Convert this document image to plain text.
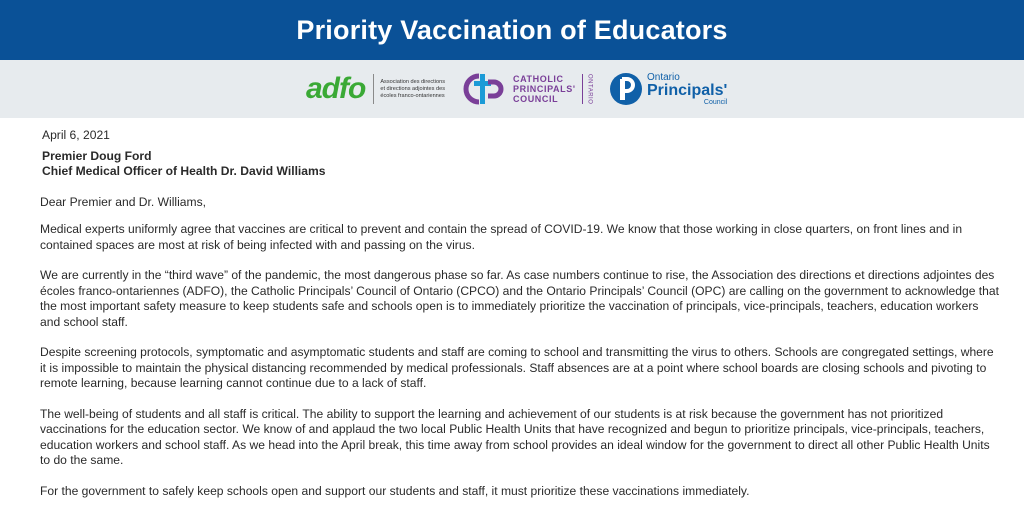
Priority Vaccination of Educators
adfo	Association des directions
et directions adjointes des
écoles franco-ontariennes
CATHOLIC
PRINCIPALS'
COUNCIL	ONTARIO	Ontario
Principals'
Council
April 6, 2021
Premier Doug Ford
Chief Medical Officer of Health Dr. David Williams
Dear Premier and Dr. Williams,

Medical experts uniformly agree that vaccines are critical to prevent and contain the spread of COVID-19. We know that those working in close quarters, on front lines and in contained spaces are most at risk of being infected with and passing on the virus.

We are currently in the “third wave” of the pandemic, the most dangerous phase so far. As case numbers continue to rise, the Association des directions et directions adjointes des écoles franco-ontariennes (ADFO), the Catholic Principals’ Council of Ontario (CPCO) and the Ontario Principals’ Council (OPC) are calling on the government to acknowledge that the most important safety measure to keep students safe and schools open is to immediately prioritize the vaccination of principals, vice-principals, teachers, education workers and school staff.

Despite screening protocols, symptomatic and asymptomatic students and staff are coming to school and transmitting the virus to others. Schools are congregated settings, where it is impossible to maintain the physical distancing recommended by medical professionals. Staff absences are at a point where school boards are closing schools and pivoting to remote learning, because learning cannot continue due to a lack of staff.

The well-being of students and all staff is critical. The ability to support the learning and achievement of our students is at risk because the government has not prioritized vaccinations for the education sector. We know of and applaud the two local Public Health Units that have recognized and begun to prioritize principals, vice-principals, teachers, education workers and school staff. As we head into the April break, this time away from school provides an ideal window for the government to direct all other Public Health Units to do the same.

For the government to safely keep schools open and support our students and staff, it must prioritize these vaccinations immediately.
